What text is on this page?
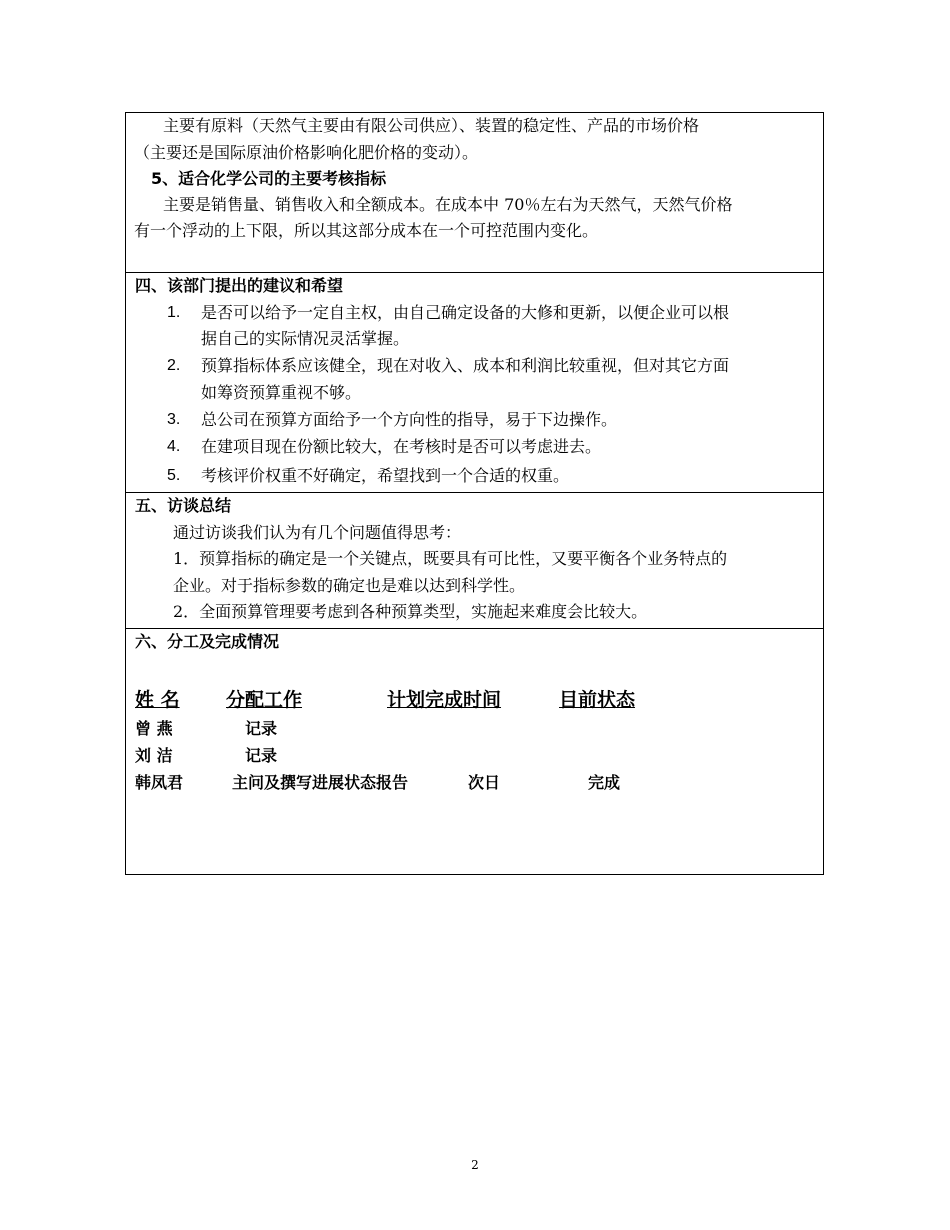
主要有原料（天然气主要由有限公司供应）、装置的稳定性、产品的市场价格
（主要还是国际原油价格影响化肥价格的变动）。
5、适合化学公司的主要考核指标
主要是销售量、销售收入和全额成本。在成本中 70％左右为天然气，天然气价格
有一个浮动的上下限，所以其这部分成本在一个可控范围内变化。
四、该部门提出的建议和希望
1. 是否可以给予一定自主权，由自己确定设备的大修和更新，以便企业可以根
据自己的实际情况灵活掌握。
2. 预算指标体系应该健全，现在对收入、成本和利润比较重视，但对其它方面
如筹资预算重视不够。
3. 总公司在预算方面给予一个方向性的指导，易于下边操作。
4. 在建项目现在份额比较大，在考核时是否可以考虑进去。
5. 考核评价权重不好确定，希望找到一个合适的权重。
五、访谈总结
通过访谈我们认为有几个问题值得思考：
1．预算指标的确定是一个关键点，既要具有可比性，又要平衡各个业务特点的
企业。对于指标参数的确定也是难以达到科学性。
2．全面预算管理要考虑到各种预算类型，实施起来难度会比较大。
六、分工及完成情况
姓 名 分配工作	计划完成时间	目前状态
曾 燕	记录
刘 洁	记录
韩凤君	主问及撰写进展状态报告	次日	完成
2
